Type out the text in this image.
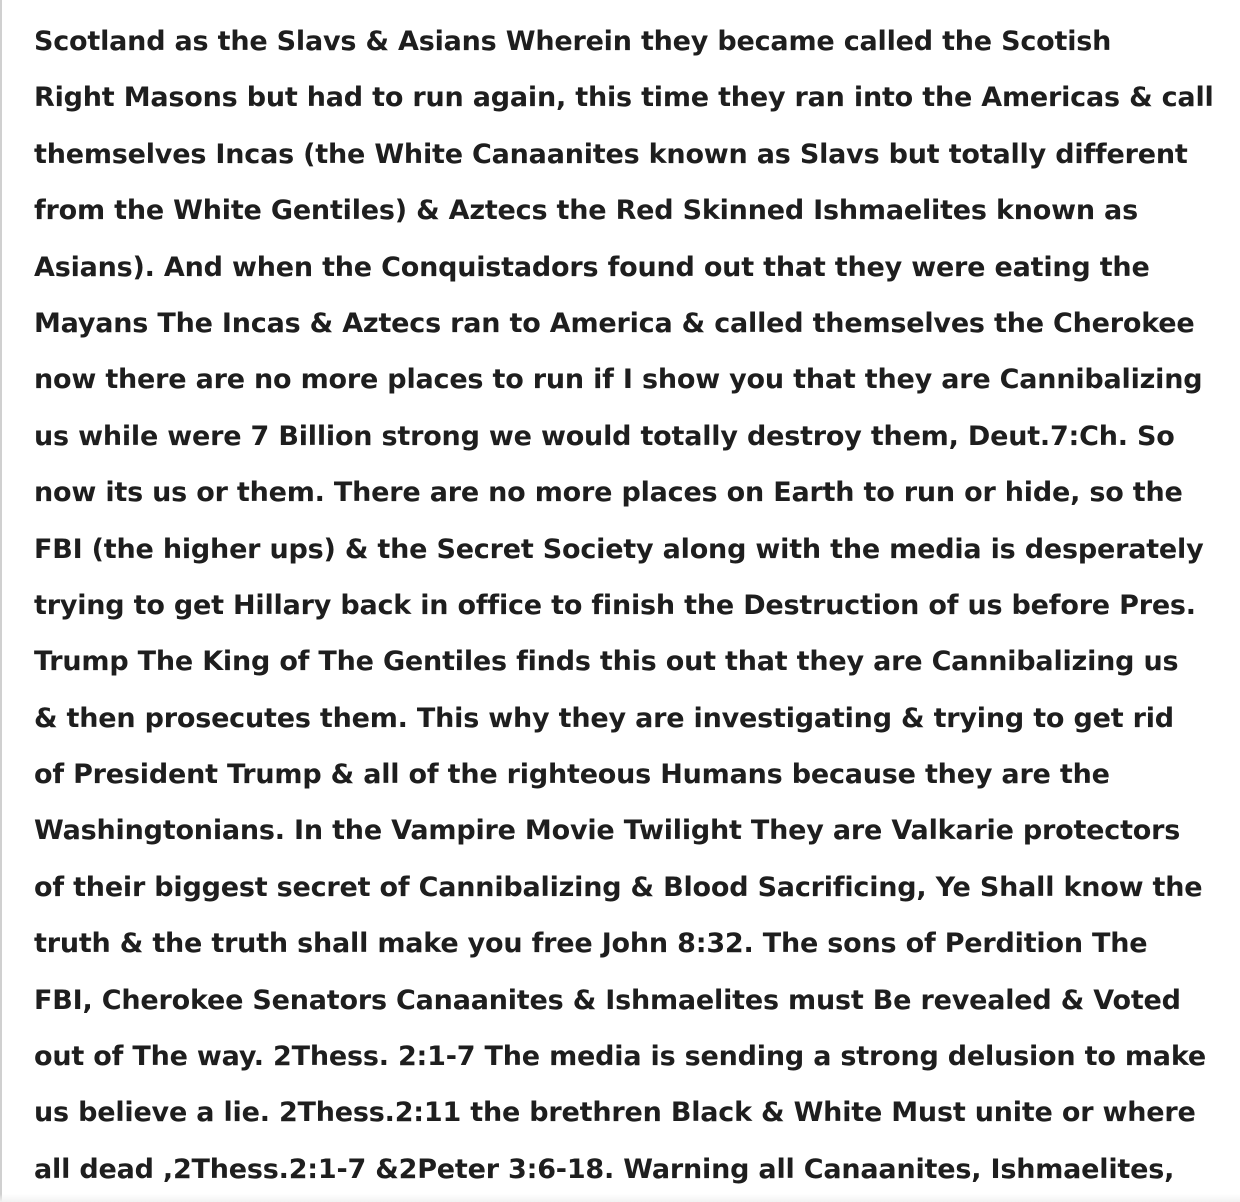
Scotland as the Slavs & Asians Wherein they became called the Scotish
Right Masons but had to run again, this time they ran into the Americas & call
themselves Incas (the White Canaanites known as Slavs but totally different
from the White Gentiles) & Aztecs the Red Skinned Ishmaelites known as
Asians). And when the Conquistadors found out that they were eating the
Mayans The Incas & Aztecs ran to America & called themselves the Cherokee
now there are no more places to run if I show you that they are Cannibalizing
us while were 7 Billion strong we would totally destroy them, Deut.7:Ch. So
now its us or them. There are no more places on Earth to run or hide, so the
FBI (the higher ups) & the Secret Society along with the media is desperately
trying to get Hillary back in office to finish the Destruction of us before Pres.
Trump The King of The Gentiles finds this out that they are Cannibalizing us
& then prosecutes them. This why they are investigating & trying to get rid
of President Trump & all of the righteous Humans because they are the
Washingtonians. In the Vampire Movie Twilight They are Valkarie protectors
of their biggest secret of Cannibalizing & Blood Sacrificing, Ye Shall know the
truth & the truth shall make you free John 8:32. The sons of Perdition The
FBI, Cherokee Senators Canaanites & Ishmaelites must Be revealed & Voted
out of The way. 2Thess. 2:1-7 The media is sending a strong delusion to make
us believe a lie. 2Thess.2:11 the brethren Black & White Must unite or where
all dead ,2Thess.2:1-7 &2Peter 3:6-18. Warning all Canaanites, Ishmaelites,
